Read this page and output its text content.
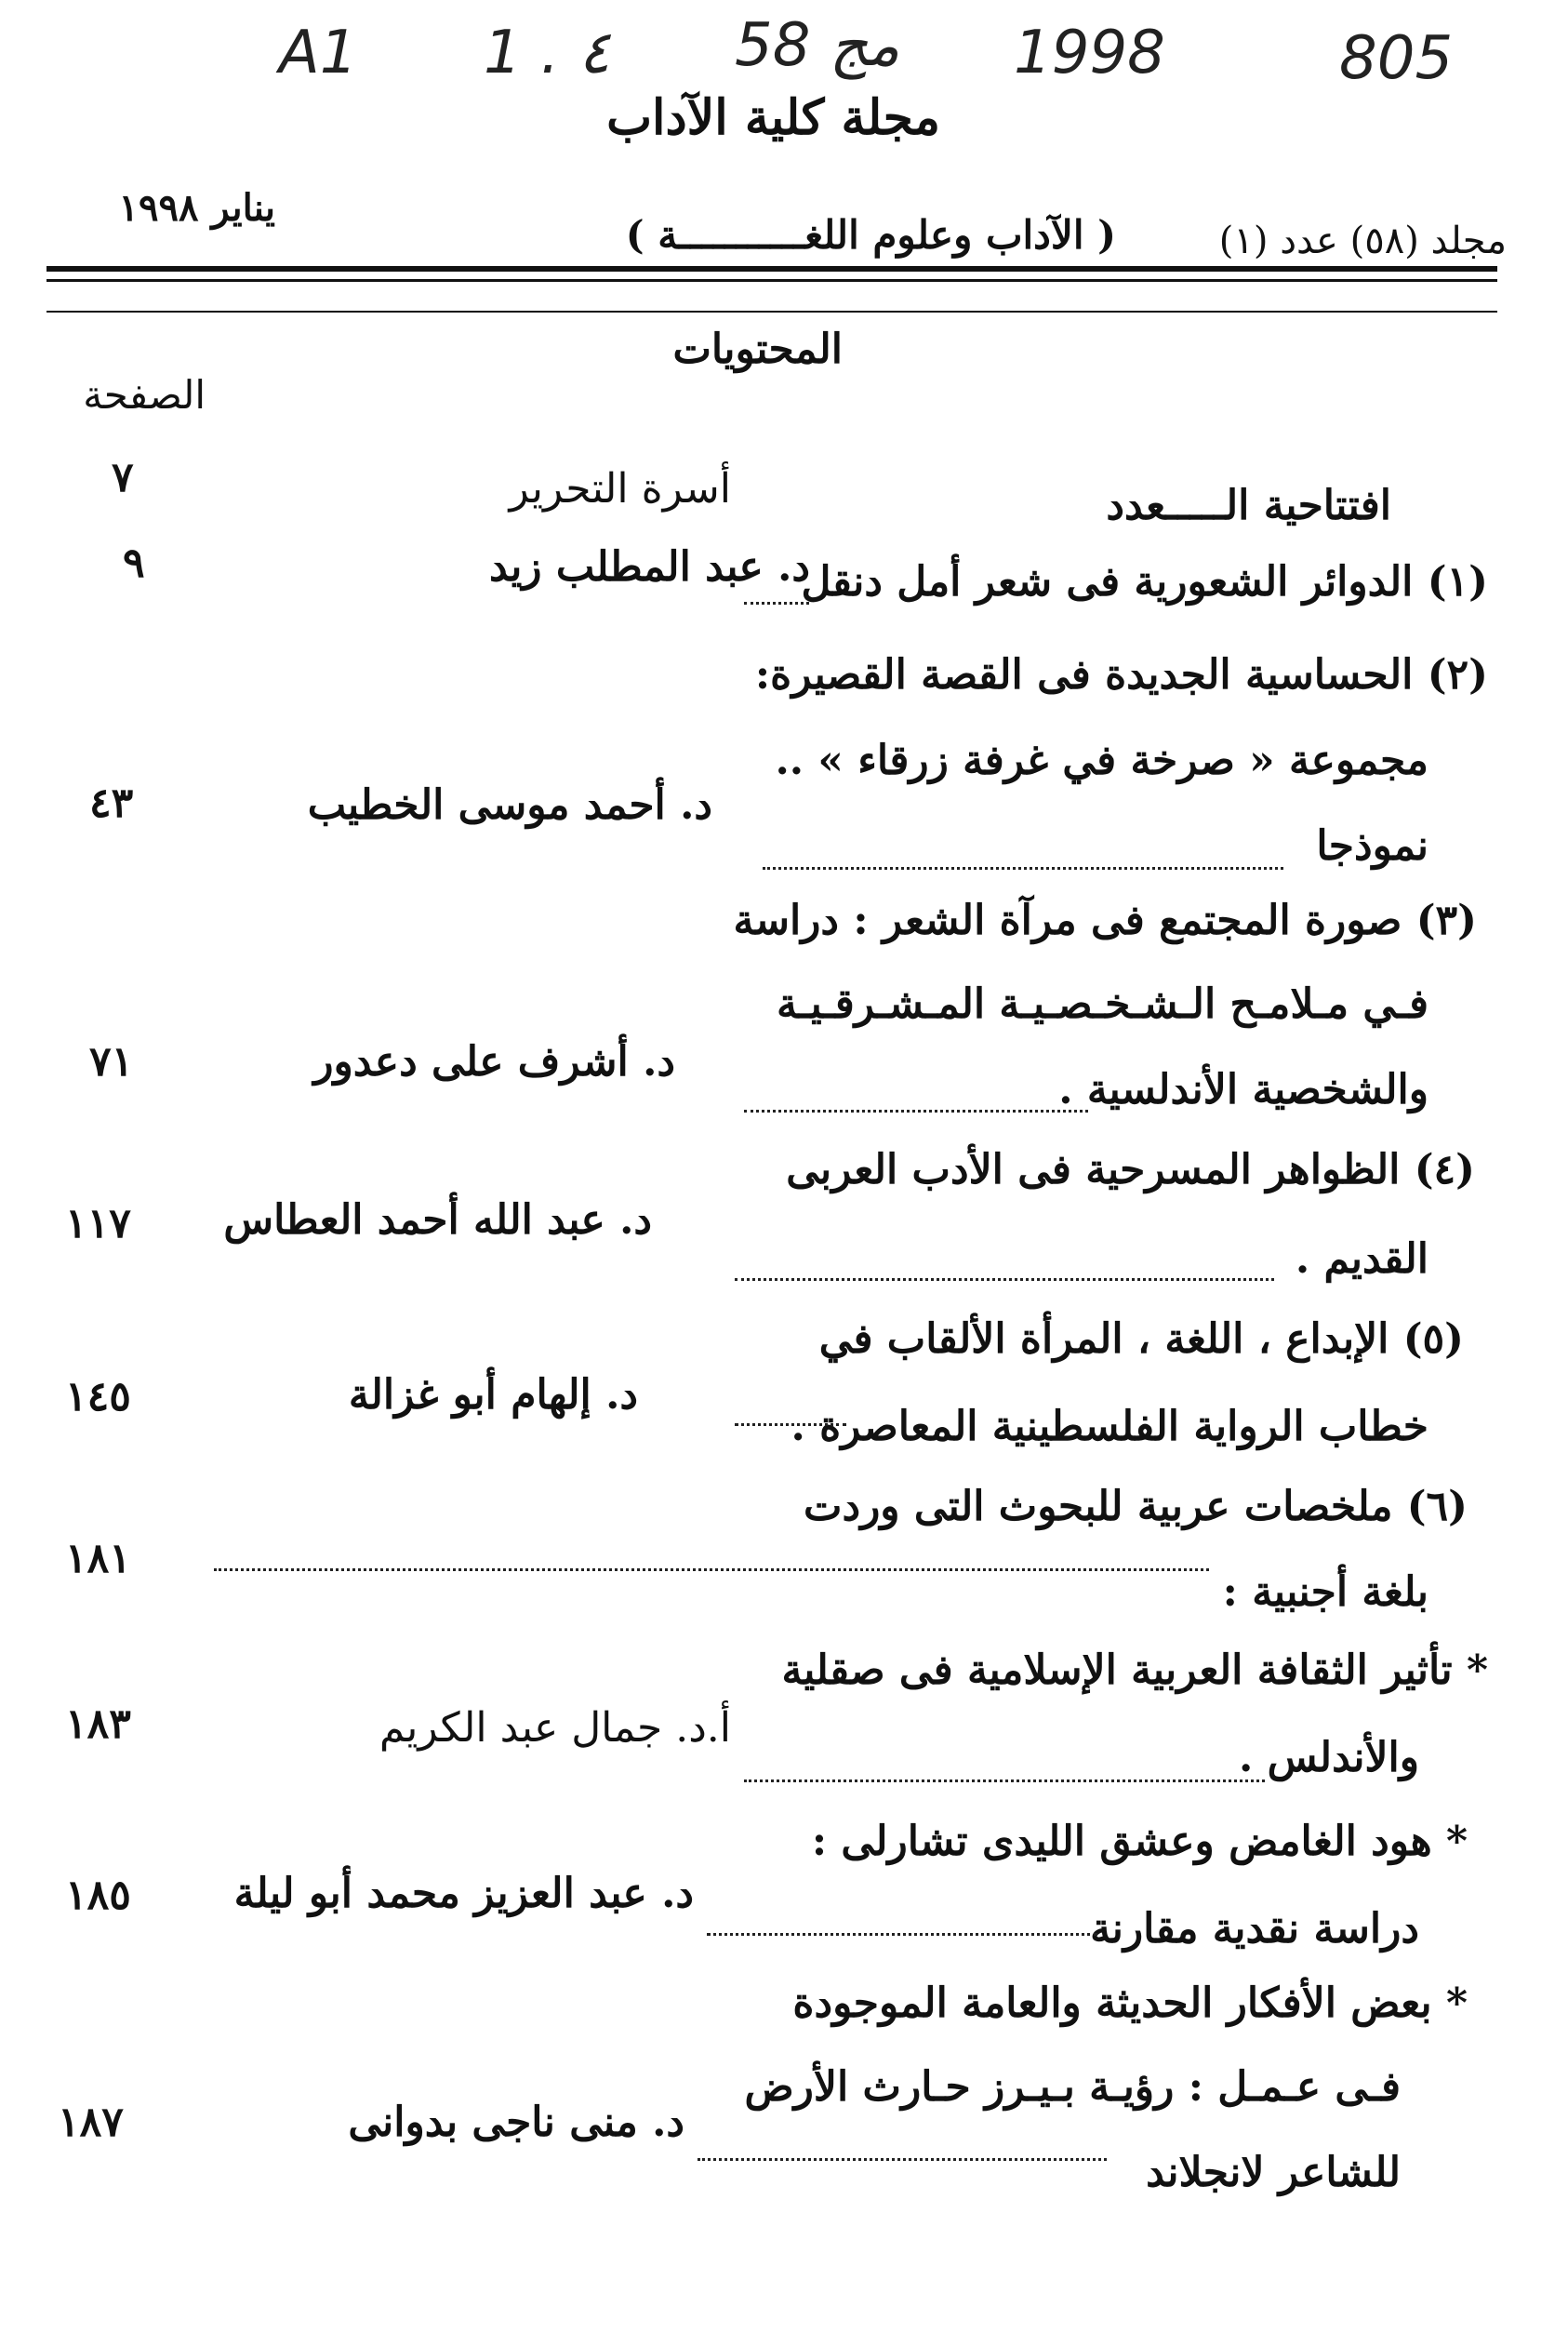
A1 1 . ٤ 58 مج 1998	805
مجلة كلية الآداب
مجلد (٥٨) عدد (١)
( الآداب وعلوم اللغـــــــــــة )
يناير ١٩٩٨
المحتويات
الصفحة
افتتاحية الـــــعدد
أسرة التحرير
٧
(١) الدوائر الشعورية فى شعر أمل دنقل
د. عبد المطلب زيد
٩
(٢) الحساسية الجديدة فى القصة القصيرة:
مجموعة « صرخة في غرفة زرقاء » ..
نموذجا
د. أحمد موسى الخطيب
٤٣
(٣) صورة المجتمع فى مرآة الشعر : دراسة
فـي مـلامـح الـشـخـصـيـة المـشـرقـيـة
والشخصية الأندلسية .
د. أشرف على دعدور
٧١
(٤) الظواهر المسرحية فى الأدب العربى
القديم .
د. عبد الله أحمد العطاس
١١٧
(٥) الإبداع ، اللغة ، المرأة الألقاب في
خطاب الرواية الفلسطينية المعاصرة .
د. إلهام أبو غزالة
١٤٥
(٦) ملخصات عربية للبحوث التى وردت
بلغة أجنبية :
١٨١
* تأثير الثقافة العربية الإسلامية فى صقلية
والأندلس .
أ.د. جمال عبد الكريم
١٨٣
* هود الغامض وعشق الليدى تشارلى :
دراسة نقدية مقارنة
د. عبد العزيز محمد أبو ليلة
١٨٥
* بعض الأفكار الحديثة والعامة الموجودة
فـى عـمـل : رؤيـة بـيـرز حـارث الأرض
للشاعر لانجلاند
د. منى ناجى بدوانى
١٨٧
